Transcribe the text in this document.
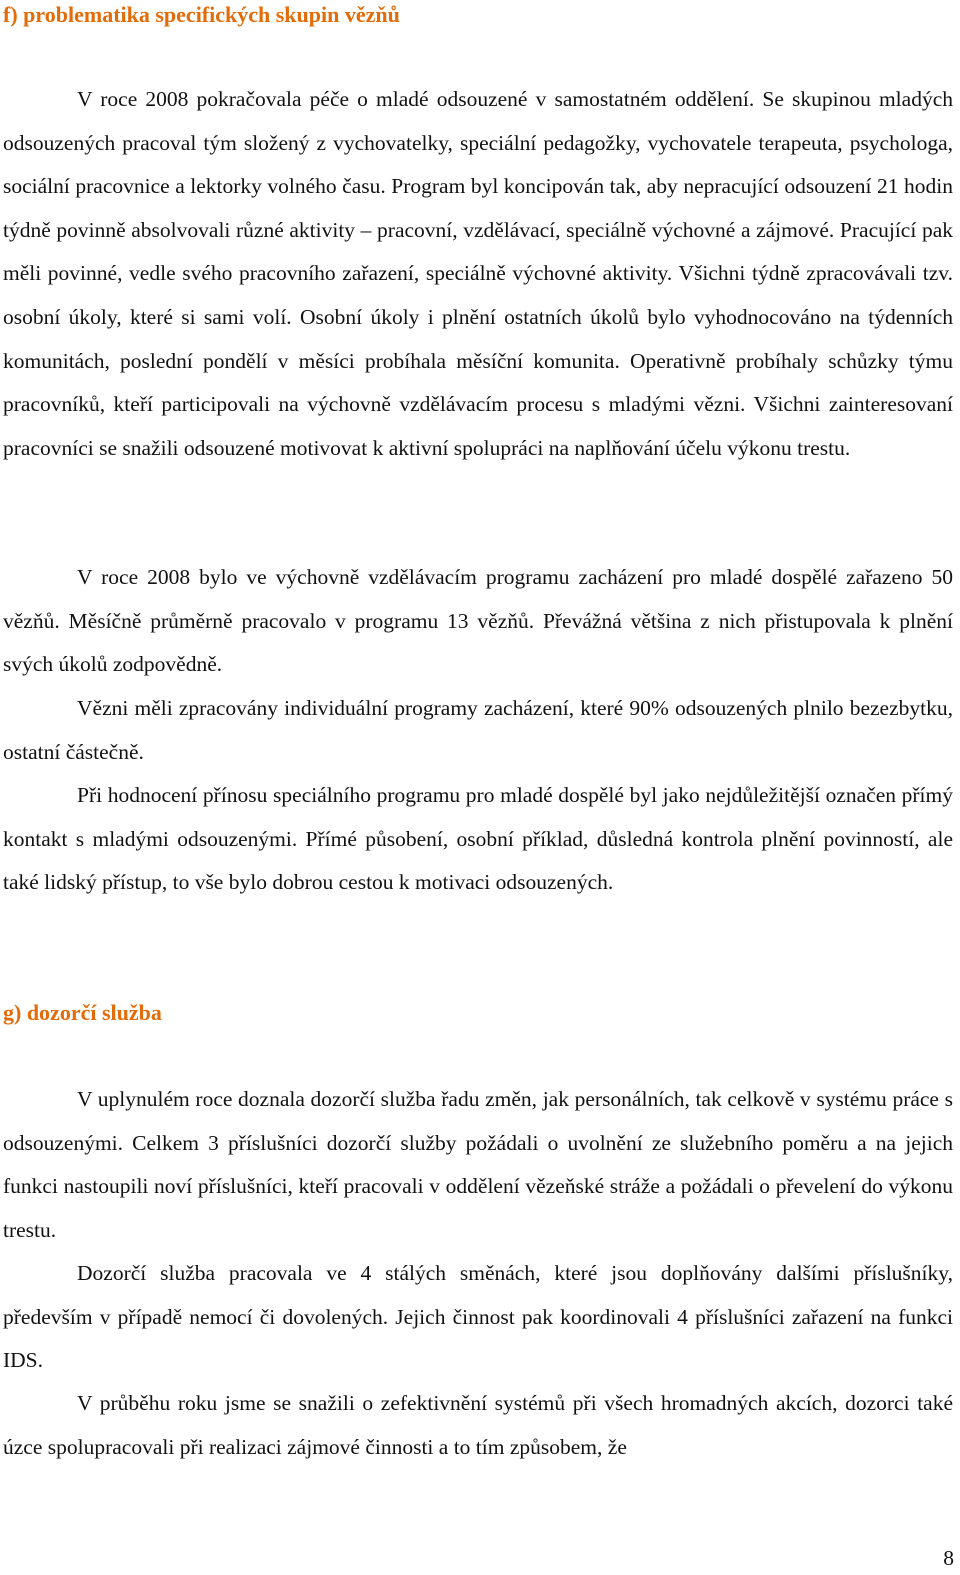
f) problematika specifických skupin vězňů

V roce 2008 pokračovala péče o mladé odsouzené v samostatném oddělení. Se skupinou mladých odsouzených pracoval tým složený z vychovatelky, speciální pedagožky, vychovatele terapeuta, psychologa, sociální pracovnice a lektorky volného času. Program byl koncipován tak, aby nepracující odsouzení 21 hodin týdně povinně absolvovali různé aktivity – pracovní, vzdělávací, speciálně výchovné a zájmové. Pracující pak měli povinné, vedle svého pracovního zařazení, speciálně výchovné aktivity. Všichni týdně zpracovávali tzv. osobní úkoly, které si sami volí. Osobní úkoly i plnění ostatních úkolů bylo vyhodnocováno na týdenních komunitách, poslední pondělí v měsíci probíhala měsíční komunita. Operativně probíhaly schůzky týmu pracovníků, kteří participovali na výchovně vzdělávacím procesu s mladými vězni. Všichni zainteresovaní pracovníci se snažili odsouzené motivovat k aktivní spolupráci na naplňování účelu výkonu trestu.

V roce 2008 bylo ve výchovně vzdělávacím programu zacházení pro mladé dospělé zařazeno 50 vězňů. Měsíčně průměrně pracovalo v programu 13 vězňů. Převážná většina z nich přistupovala k plnění svých úkolů zodpovědně.

Vězni měli zpracovány individuální programy zacházení, které 90% odsouzených plnilo bezezbytku, ostatní částečně.

Při hodnocení přínosu speciálního programu pro mladé dospělé byl jako nejdůležitější označen přímý kontakt s mladými odsouzenými. Přímé působení, osobní příklad, důsledná kontrola plnění povinností, ale také lidský přístup, to vše bylo dobrou cestou k motivaci odsouzených.

g) dozorčí služba

V uplynulém roce doznala dozorčí služba řadu změn, jak personálních, tak celkově v systému práce s odsouzenými. Celkem 3 příslušníci dozorčí služby požádali o uvolnění ze služebního poměru a na jejich funkci nastoupili noví příslušníci, kteří pracovali v oddělení vězeňské stráže a požádali o převelení do výkonu trestu.

Dozorčí služba pracovala ve 4 stálých směnách, které jsou doplňovány dalšími příslušníky, především v případě nemocí či dovolených. Jejich činnost pak koordinovali 4 příslušníci zařazení na funkci IDS.

V průběhu roku jsme se snažili o zefektivnění systémů při všech hromadných akcích, dozorci také úzce spolupracovali při realizaci zájmové činnosti a to tím způsobem, že

8
